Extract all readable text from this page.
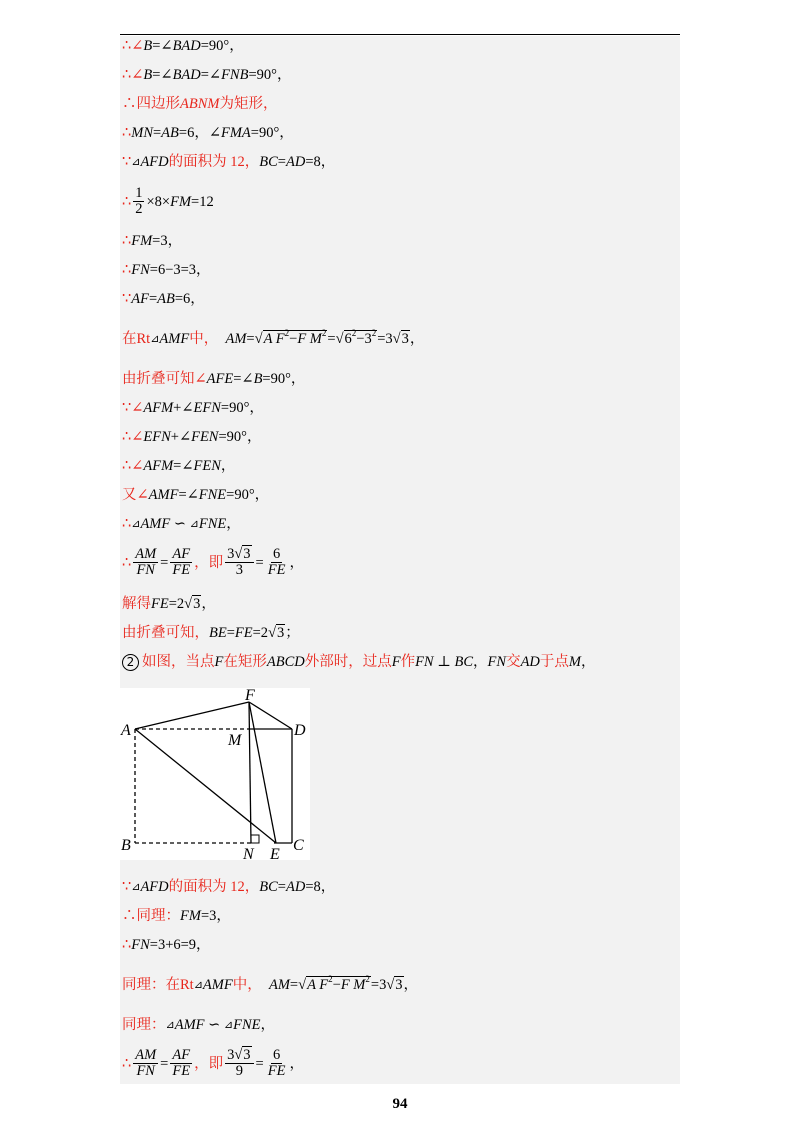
∴∠ B =∠ BAD =90°，
∴∠ B =∠ BAD =∠ FNB =90°，
∴四边形 ABNM 为矩形，
∴ MN = AB =6，∠ FMA =90°，
∵ ⊿ AFD 的面积为 12， BC = AD =8，
∴ $\frac{1}{2} \times 8\times$ FM =12
∴ FM =3，
∴ FN =6−3=3，
∵ AF = AB =6，
在Rt ⊿ AMF 中，
AM = √A $F^2-F$ $M^2 = √6^2-3^2 =3$ √3 ，
由折叠可知∠ AFE =∠ B =90°，
∵∠ AFM +∠ EFN =90°，
∴∠ EFN +∠ FEN =90°，
∴∠ AFM =∠ FEN ，
又∠ AMF =∠ FNE =90°，
∴ ⊿ AMF
∽
⊿ FNE ，
∴ $\frac{AM}{FN} = \frac{AF}{FE}$ ，即 $\frac{3√3}{3} = \frac{6}{FE}$ ，
解得 FE =2 √3 ，
由折叠可知， BE = FE =2 √3 ；
2 如图，当点 F 在矩形 ABCD 外部时，过点 F 作 FN ⊥ BC ， FN 交 AD 于点 M ，
F
A
M
D
B
N E
C
∵ ⊿ AFD 的面积为 12， BC = AD =8，
∴同理： FM =3，
∴ FN =3+6=9，
同理：在Rt ⊿ AMF 中，
AM = √A $F^2-F$ $M^2 =3$ √3 ，
同理： ⊿ AMF
∽
⊿ FNE ，
∴ $\frac{AM}{FN} = \frac{AF}{FE}$ ，即 $\frac{3√3}{9} = \frac{6}{FE}$ ，
94
